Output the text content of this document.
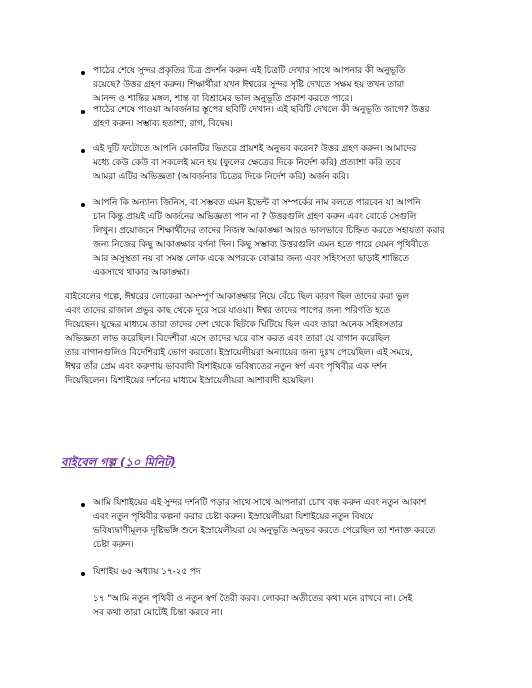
পাঠের শেষে সুন্দর প্রকৃতির চিত্র প্রদর্শন করুন এই চিত্রটি দেখার সাথে আপনার কী অনুভূতি
রয়েছে? উত্তর গ্রহণ করুন। শিক্ষার্থীরা যখন ঈশ্বরের সুন্দর সৃষ্টি দেখতে সক্ষম হয় তখন তারা
আনন্দ ও শান্তির মঙ্গল, শান্ত বা বিশ্রামের ভাল অনুভূতি প্রকাশ করতে পারে।
পাঠের শেষে পাওয়া আবর্জনার স্তূপের ছবিটি দেখান। এই ছবিটি দেখলে কী অনুভূতি জাগে? উত্তর
গ্রহণ করুন। সম্ভাব্য হতাশা, রাগ, বিদ্বেষ।
এই দুটি ফটোতে আপনি কোনটির ভিতরে প্রায়শই অনুভব করেন? উত্তর গ্রহণ করুন। আমাদের
মধ্যে কেউ কেউ বা সকলেই মনে হয় (ফুলের ক্ষেত্রের দিকে নির্দেশ করি) প্রত্যাশা করি তবে
আমরা এটির অভিজ্ঞতা (আবর্জনার চিত্রের দিকে নির্দেশ করি) অর্জন করি।
আপনি কি অন্যান্য জিনিস, বা সম্ভবত এমন ইভেন্ট বা সম্পর্কের নাম বলতে পারবেন যা আপনি
চান কিন্তু প্রায়ই এটি অর্জনের অভিজ্ঞতা পান না ? উত্তরগুলি গ্রহণ করুন এবং বোর্ডে সেগুলি
লিখুন। প্রয়োজনে শিক্ষার্থীদের তাদের নিজস্ব আকাঙ্ক্ষা আরও ভালভাবে চিহ্নিত করতে সহায়তা করার
জন্য নিজের কিছু আকাঙ্ক্ষার বর্ণনা দিন। কিছু সম্ভাব্য উত্তরগুলি এমন হতে পারে যেমন পৃথিবীতে
আর অসুস্থতা নয় বা সমস্ত লোক একে অপরকে বোঝার জন্য এবং সহিংসতা ছাড়াই শান্তিতে
একসাথে থাকার আকাঙ্ক্ষা।
বাইবেলের গল্পে, ঈশ্বরের লোকেরা অসম্পূর্ণ আকাঙ্ক্ষার নিয়ে বেঁচে ছিল কারণ ছিল তাদের করা ভুল
এবং তাদের রাজাল প্রভুর কাছ থেকে দূরে সরে যাওয়া। ঈশ্বর তাদের পাপের জন্য পরিণতি হতে
দিয়েছেন। যুদ্ধের মাধ্যমে তারা তাদের দেশ থেকে ছিটকে ঘিটিয়ে ছিল এবং তারা অনেক সহিংসতার
অভিজ্ঞতা লাভ করেছিল। বিদেশীরা এসে তাদের ঘরে বাস করত এবং তারা যে বাগান করেছিল
তার বাগানগুলিও বিদেশিরাই ভোগ করতো। ইস্রায়েলীয়রা অন্যায়ের জন্য দুঃখ পেয়েছিল। এই সময়ে,
ঈশ্বর তাঁর প্রেম এবং করুণায় ভাববাদী যিশাইয়কে ভবিষ্যতের নতুন স্বর্গ এবং পৃথিবীর এক দর্শন
দিয়েছিলেন। যিশাইয়ের দর্শনের মাধ্যমে ইস্রায়েলীয়রা আশাবাদী হয়েছিল।
বাইবেল গল্প (১০ মিনিট)
আমি যিশাইয়ের এই সুন্দর দর্শনটি পড়ার সাথে সাথে আপনারা চোখ বন্ধ করুন এবং নতুন আকাশ
এবং নতুন পৃথিবীর কল্পনা করার চেষ্টা করুন। ইস্রায়েলীয়রা যিশাইয়ের নতুন বিষয়ে
ভবিষ্যদ্বাণীমূলক দৃষ্টিভঙ্গি শুনে ইস্রায়েলীয়রা যে অনুভূতি অনুভব করতে পেরেছিল তা শনাক্ত করতে
চেষ্টা করুন।
যিশাইয় ৬৫ অধ্যায় ১৭-২৫ পদ
১৭ "আমি নতুন পৃথিবী ও নতুন স্বর্গ তৈরী করব। লোকরা অতীতের কথা মনে রাখবে না। সেই
সব কথা তারা মোটেই চিন্তা করবে না।
